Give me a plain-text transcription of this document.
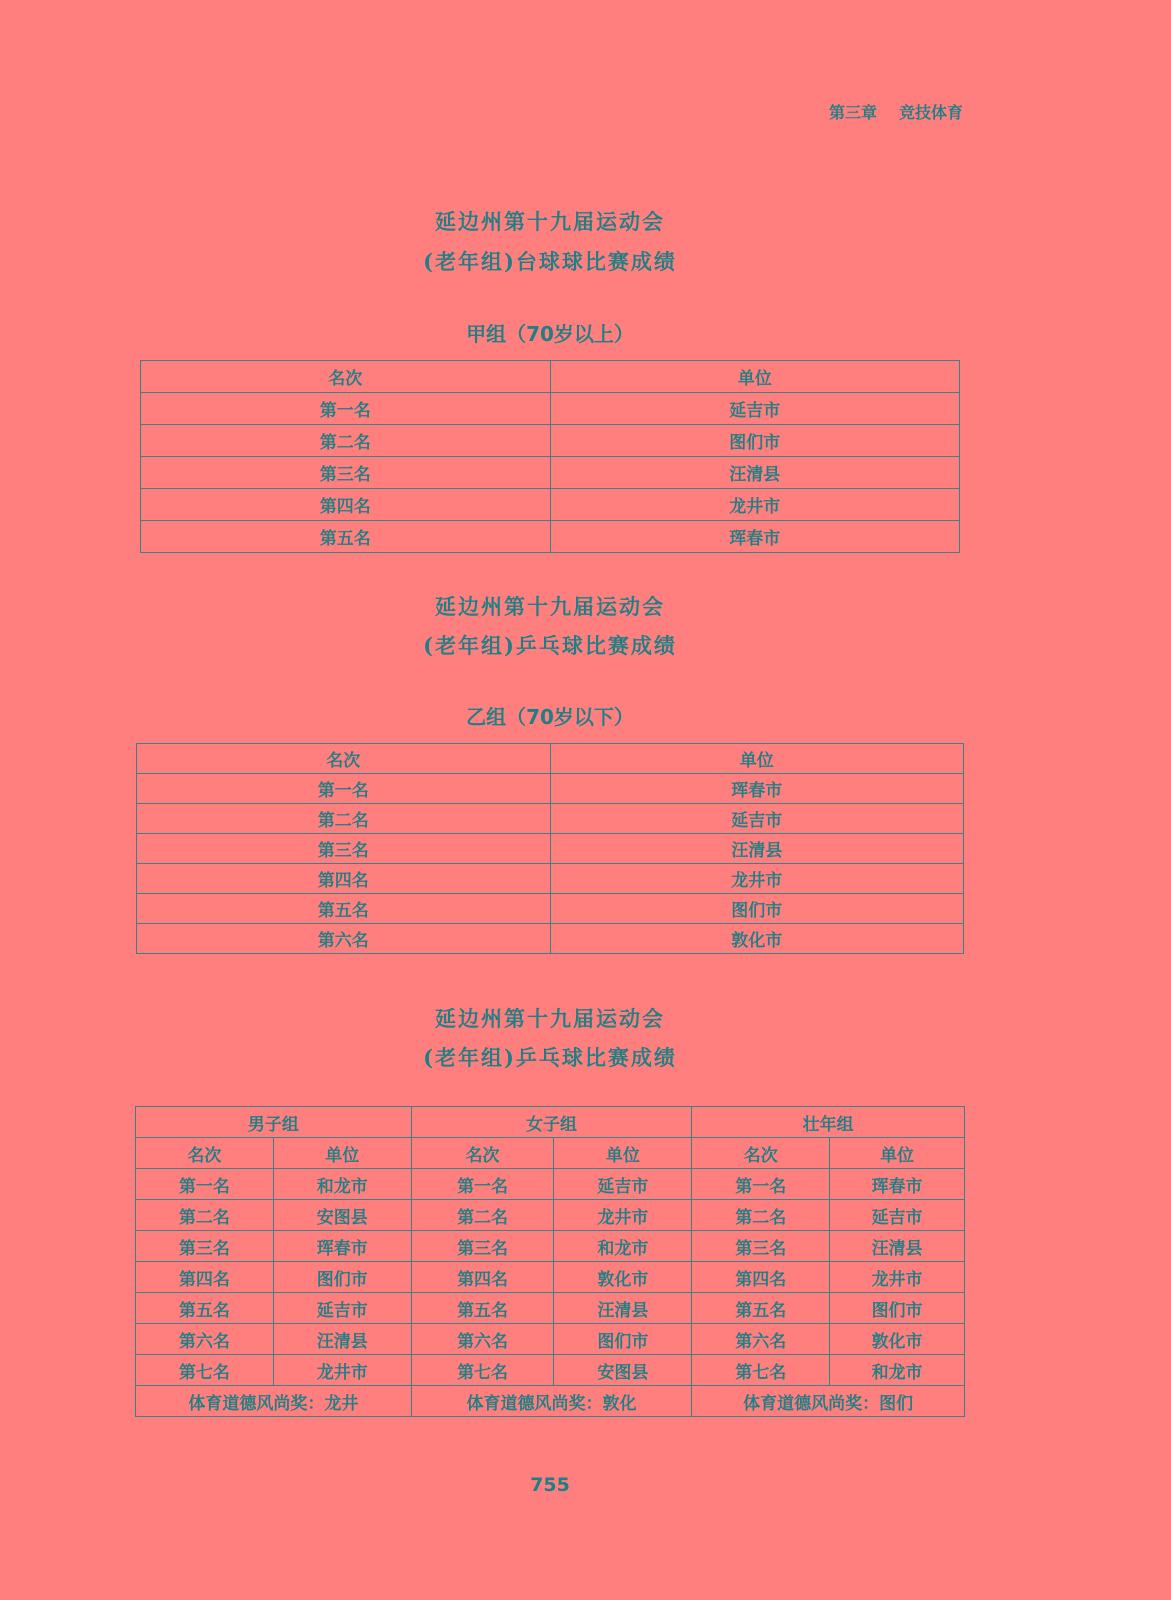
第三章 竞技体育
延边州第十九届运动会
(老年组)台球球比赛成绩
甲组（70岁以上）
名次	单位
第一名	延吉市
第二名	图们市
第三名	汪清县
第四名	龙井市
第五名	珲春市
延边州第十九届运动会
(老年组)乒乓球比赛成绩
乙组（70岁以下）
名次	单位
第一名	珲春市
第二名	延吉市
第三名	汪清县
第四名	龙井市
第五名	图们市
第六名	敦化市
延边州第十九届运动会
(老年组)乒乓球比赛成绩
男子组		女子组		壮年组	
名次	单位	名次	单位	名次	单位
第一名	和龙市	第一名	延吉市	第一名	珲春市
第二名	安图县	第二名	龙井市	第二名	延吉市
第三名	珲春市	第三名	和龙市	第三名	汪清县
第四名	图们市	第四名	敦化市	第四名	龙井市
第五名	延吉市	第五名	汪清县	第五名	图们市
第六名	汪清县	第六名	图们市	第六名	敦化市
第七名	龙井市	第七名	安图县	第七名	和龙市
体育道德风尚奖：龙井		体育道德风尚奖：敦化		体育道德风尚奖：图们	
755
